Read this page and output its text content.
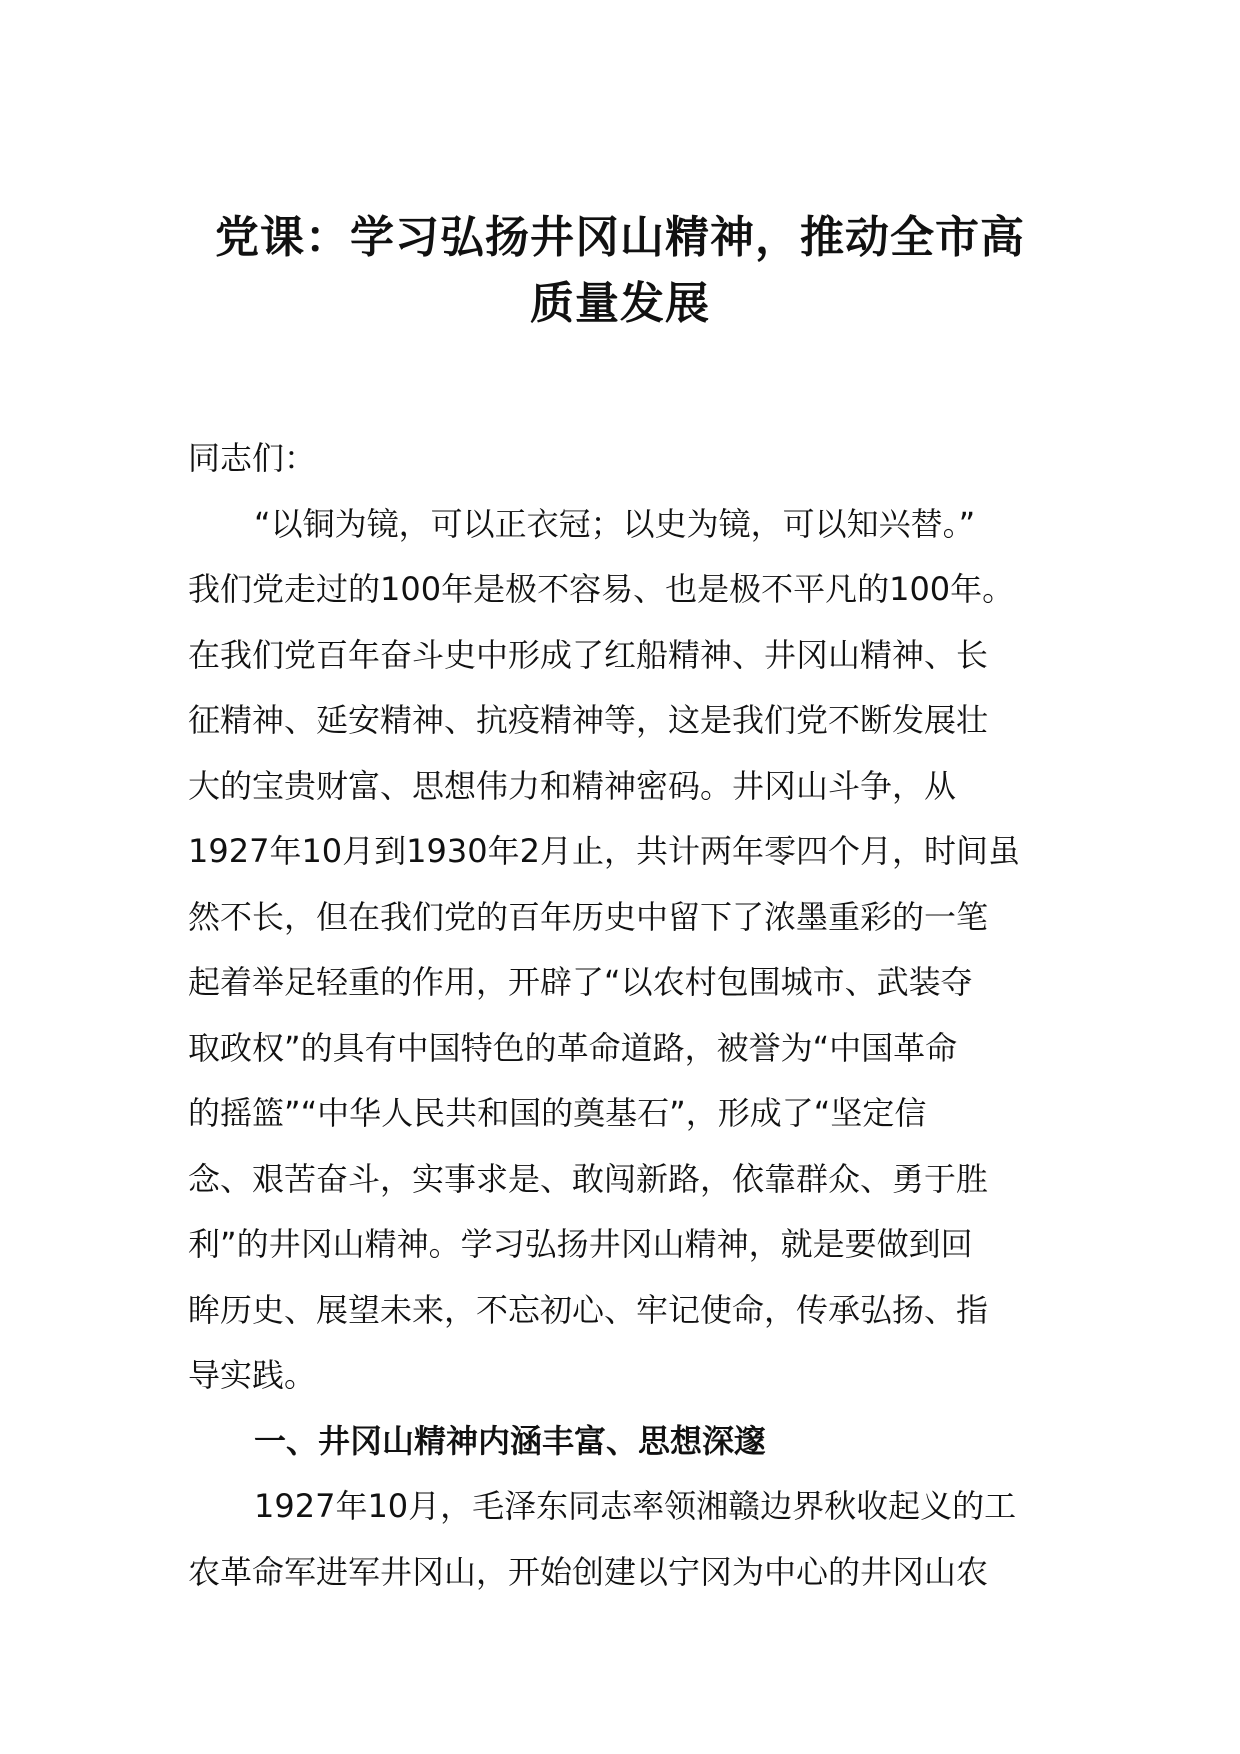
党课：学习弘扬井冈山精神，推动全市高
质量发展
同志们：
“以铜为镜，可以正衣冠；以史为镜，可以知兴替。”
我们党走过的100年是极不容易、也是极不平凡的100年。
在我们党百年奋斗史中形成了红船精神、井冈山精神、长
征精神、延安精神、抗疫精神等，这是我们党不断发展壮
大的宝贵财富、思想伟力和精神密码。井冈山斗争，从
1927年10月到1930年2月止，共计两年零四个月，时间虽
然不长，但在我们党的百年历史中留下了浓墨重彩的一笔
起着举足轻重的作用，开辟了“以农村包围城市、武装夺
取政权”的具有中国特色的革命道路，被誉为“中国革命
的摇篮”“中华人民共和国的奠基石”，形成了“坚定信
念、艰苦奋斗，实事求是、敢闯新路，依靠群众、勇于胜
利”的井冈山精神。学习弘扬井冈山精神，就是要做到回
眸历史、展望未来，不忘初心、牢记使命，传承弘扬、指
导实践。
一、井冈山精神内涵丰富、思想深邃
1927年10月，毛泽东同志率领湘赣边界秋收起义的工
农革命军进军井冈山，开始创建以宁冈为中心的井冈山农
